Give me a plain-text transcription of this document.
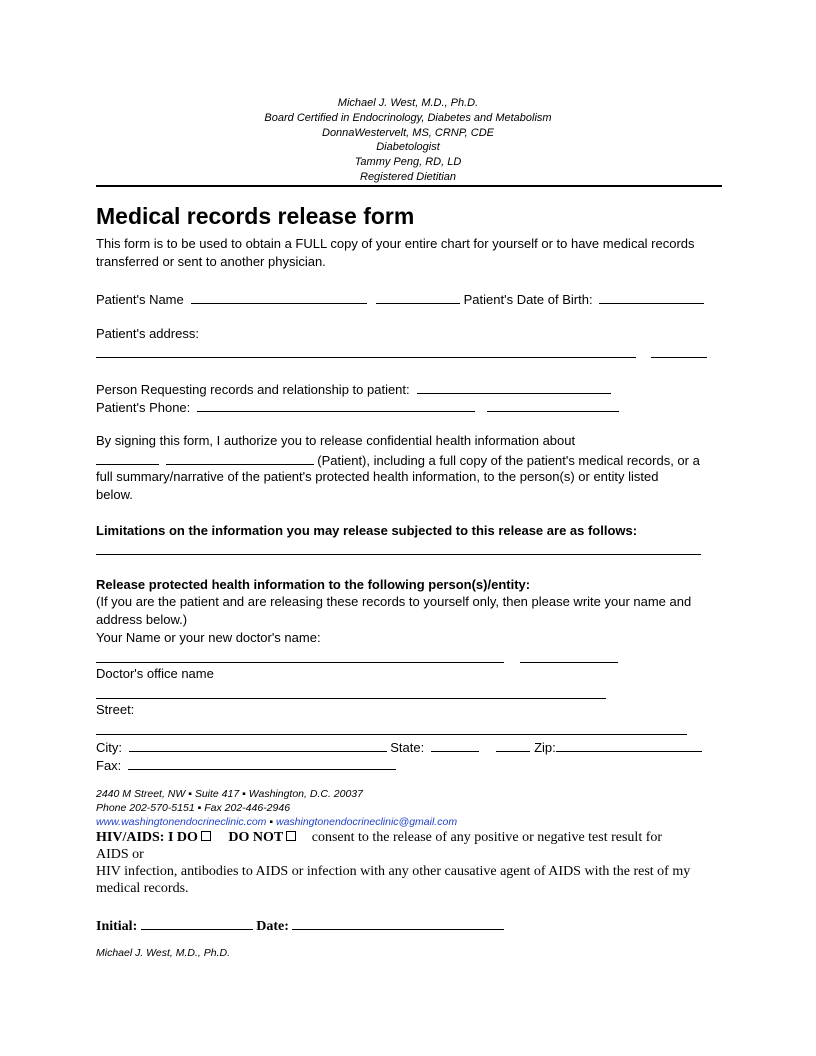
Michael J. West, M.D., Ph.D.
Board Certified in Endocrinology, Diabetes and Metabolism
DonnaWestervelt, MS, CRNP, CDE
Diabetologist
Tammy Peng, RD, LD
Registered Dietitian
Medical records release form
This form is to be used to obtain a FULL copy of your entire chart for yourself or to have medical records
transferred or sent to another physician.
Patient's Name	Patient's Date of Birth:
Patient's address:
Person Requesting records and relationship to patient:
Patient's Phone:
By signing this form, I authorize you to release confidential health information about
(Patient), including a full copy of the patient's medical records, or a
full summary/narrative of the patient's protected health information, to the person(s) or entity listed
below.
Limitations on the information you may release subjected to this release are as follows:
Release protected health information to the following person(s)/entity:
(If you are the patient and are releasing these records to yourself only, then please write your name and
address below.)
Your Name or your new doctor's name:
Doctor's office name
Street:
City:	State:	Zip:
Fax:
2440 M Street, NW ▪ Suite 417 ▪ Washington, D.C. 20037
Phone 202-570-5151 ▪ Fax 202-446-2946
www.washingtonendocrineclinic.com ▪ washingtonendocrineclinic@gmail.com
HIV/AIDS: I DO DO NOT consent to the release of any positive or negative test result for
AIDS or
HIV infection, antibodies to AIDS or infection with any other causative agent of AIDS with the rest of my
medical records.
Initial:	Date:
Michael J. West, M.D., Ph.D.
